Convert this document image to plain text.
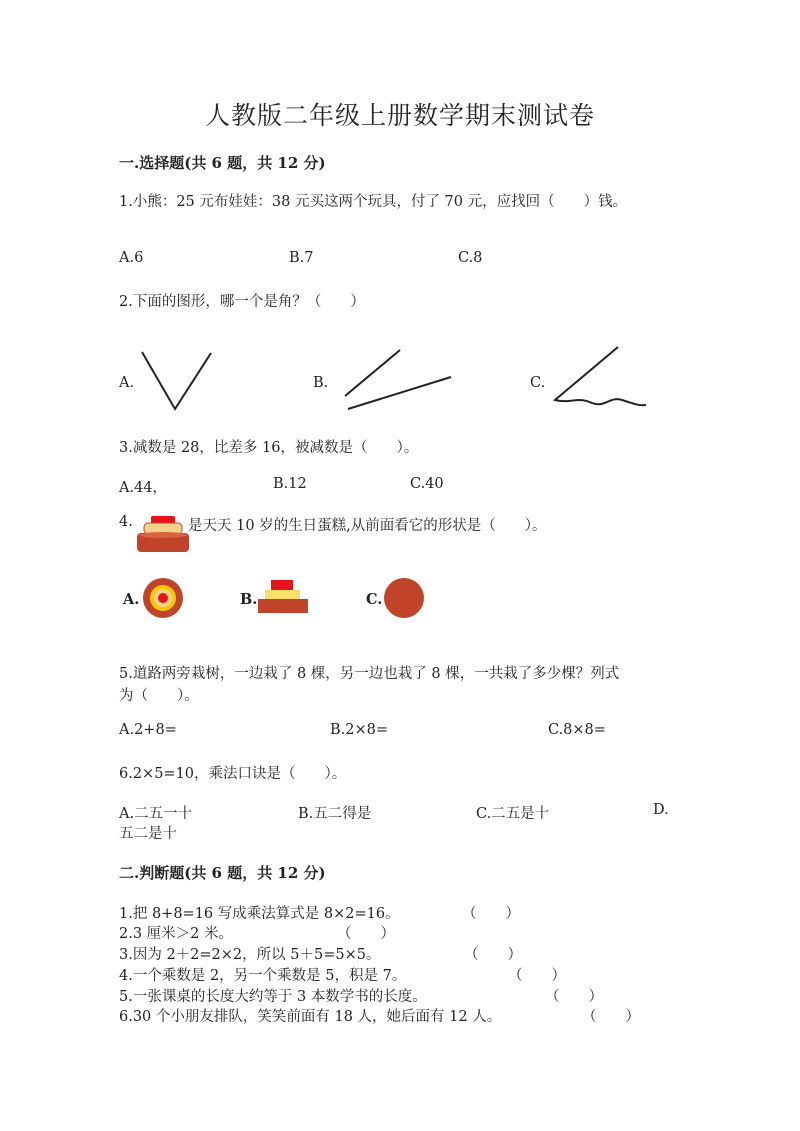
人教版二年级上册数学期末测试卷
一.选择题(共 6 题，共 12 分)
1.小熊：25 元布娃娃：38 元买这两个玩具，付了 70 元，应找回（　　）钱。
A.6	B.7	C.8
2.下面的图形，哪一个是角？（　　）
A.	B.	C.
3.减数是 28，比差多 16，被减数是（　　）。
A.44，	B.12	C.40
4.	是天天 10 岁的生日蛋糕,从前面看它的形状是（　　）。
A.	B.	C.
5.道路两旁栽树，一边栽了 8 棵，另一边也栽了 8 棵，一共栽了多少棵？列式
为（　　）。
A.2+8=	B.2×8=	C.8×8=
6.2×5=10，乘法口诀是（　　）。
A.二五一十	B.五二得是	C.二五是十	D.
五二是十
二.判断题(共 6 题，共 12 分)
1.把 8+8=16 写成乘法算式是 8×2=16。	（　　）
2.3 厘米＞2 米。	（　　）
3.因为 2＋2=2×2，所以 5＋5=5×5。	（　　）
4.一个乘数是 2，另一个乘数是 5，积是 7。	（　　）
5.一张课桌的长度大约等于 3 本数学书的长度。	（　　）
6.30 个小朋友排队，笑笑前面有 18 人，她后面有 12 人。	（　　）
